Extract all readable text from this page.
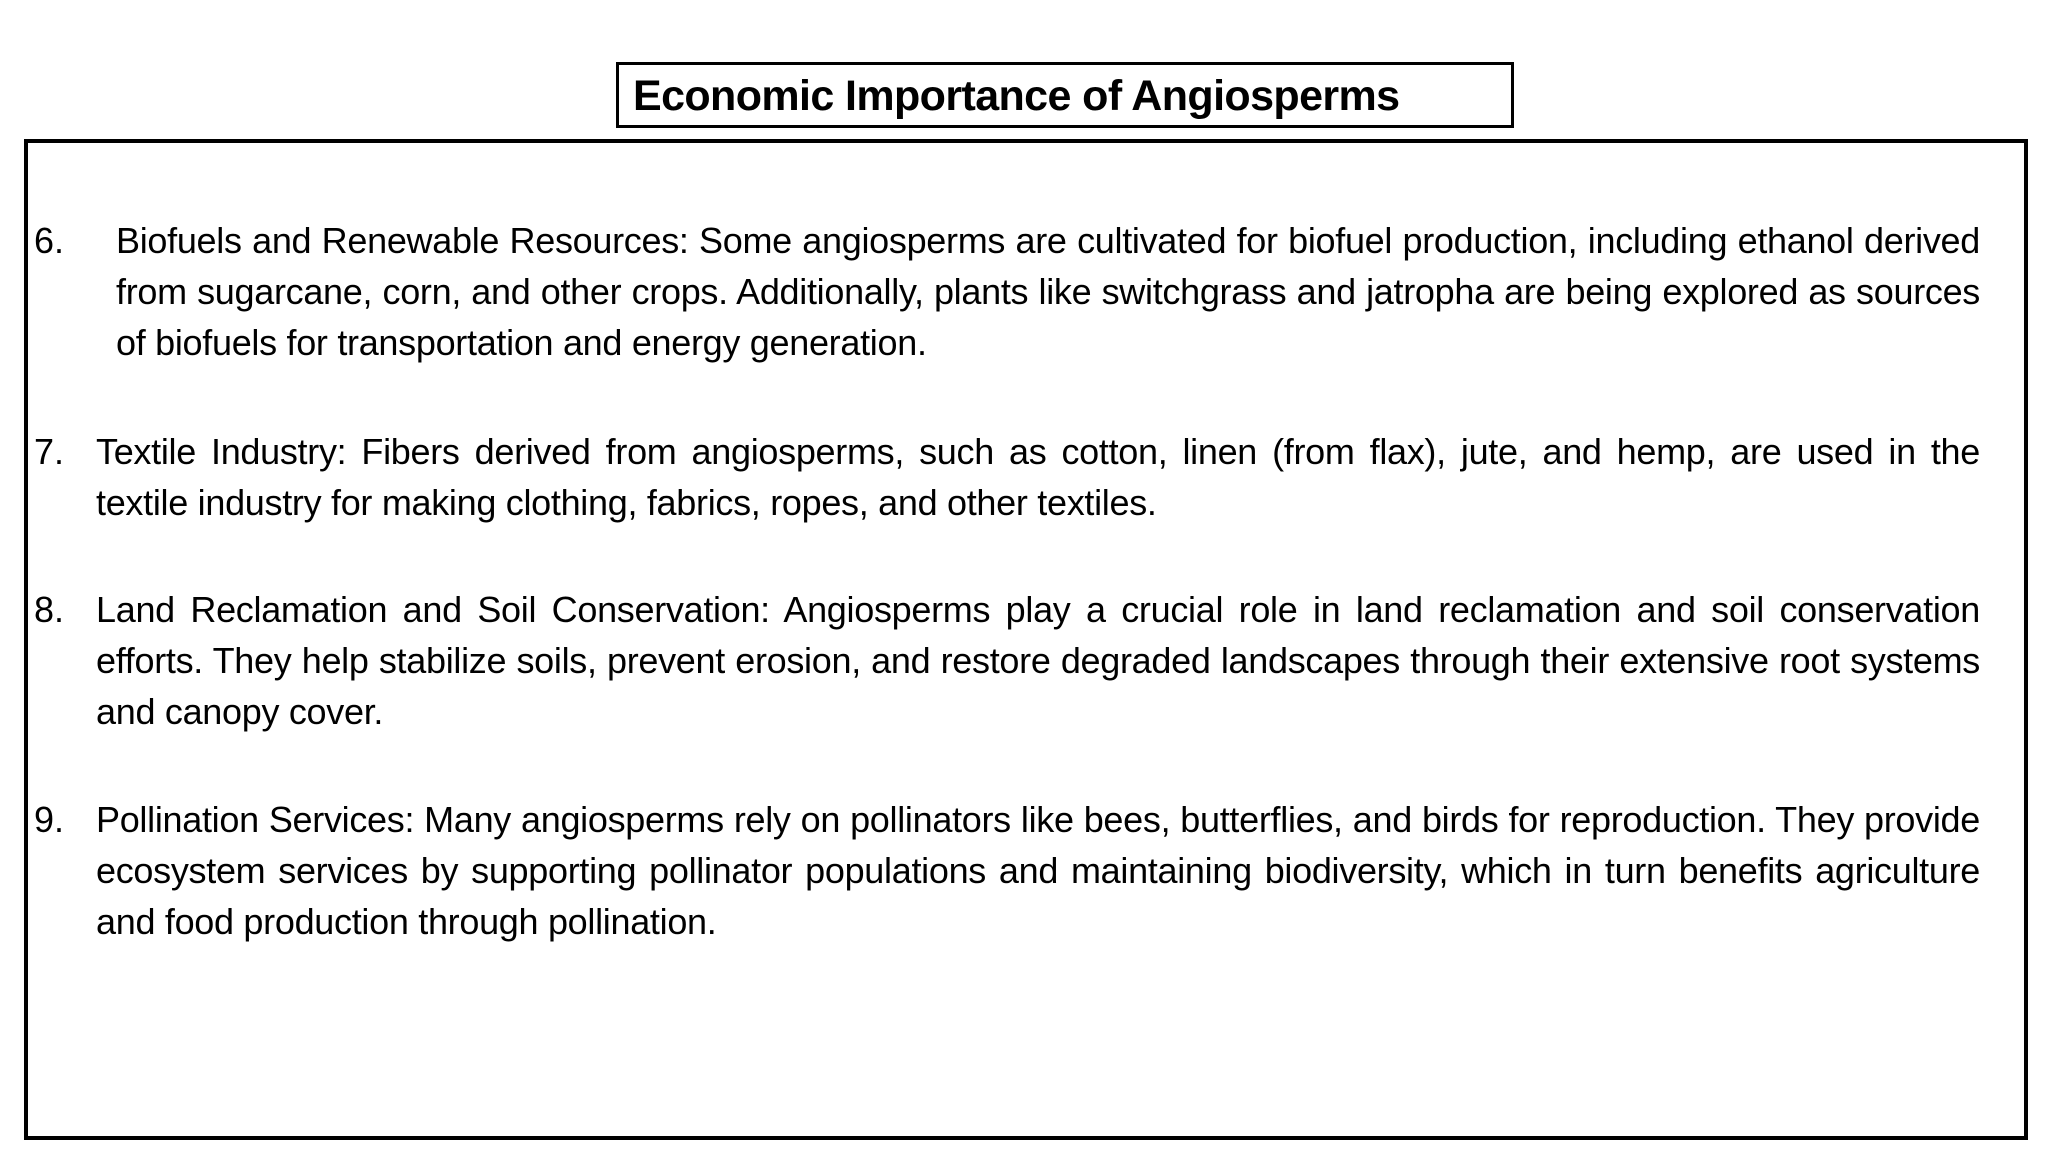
Economic Importance of Angiosperms
6. Biofuels and Renewable Resources: Some angiosperms are cultivated for biofuel production, including ethanol derived from sugarcane, corn, and other crops. Additionally, plants like switchgrass and jatropha are being explored as sources of biofuels for transportation and energy generation.
7. Textile Industry: Fibers derived from angiosperms, such as cotton, linen (from flax), jute, and hemp, are used in the textile industry for making clothing, fabrics, ropes, and other textiles.
8. Land Reclamation and Soil Conservation: Angiosperms play a crucial role in land reclamation and soil conservation efforts. They help stabilize soils, prevent erosion, and restore degraded landscapes through their extensive root systems and canopy cover.
9. Pollination Services: Many angiosperms rely on pollinators like bees, butterflies, and birds for reproduction. They provide ecosystem services by supporting pollinator populations and maintaining biodiversity, which in turn benefits agriculture and food production through pollination.
